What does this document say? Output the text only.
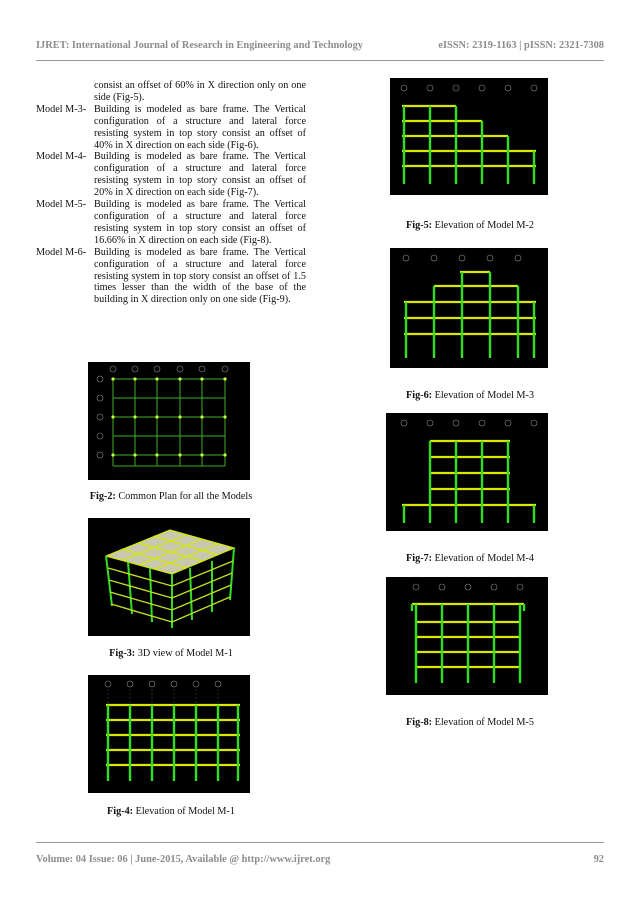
IJRET: International Journal of Research in Engineering and Technology	eISSN: 2319-1163 | pISSN: 2321-7308
consist an offset of 60% in X direction only on one side (Fig-5).
Model M-3- Building is modeled as bare frame. The Vertical configuration of a structure and lateral force resisting system in top story consist an offset of 40% in X direction on each side (Fig-6).
Model M-4- Building is modeled as bare frame. The Vertical configuration of a structure and lateral force resisting system in top story consist an offset of 20% in X direction on each side (Fig-7).
Model M-5- Building is modeled as bare frame. The Vertical configuration of a structure and lateral force resisting system in top story consist an offset of 16.66% in X direction on each side (Fig-8).
Model M-6- Building is modeled as bare frame. The Vertical configuration of a structure and lateral force resisting system in top story consist an offset of 1.5 times lesser than the width of the base of the building in X direction only on one side (Fig-9).
Fig-2: Common Plan for all the Models
Fig-3: 3D view of Model M-1
Fig-4: Elevation of Model M-1
Fig-5: Elevation of Model M-2
Fig-6: Elevation of Model M-3
Fig-7: Elevation of Model M-4
Fig-8: Elevation of Model M-5
Volume: 04 Issue: 06 | June-2015, Available @ http://www.ijret.org	92
